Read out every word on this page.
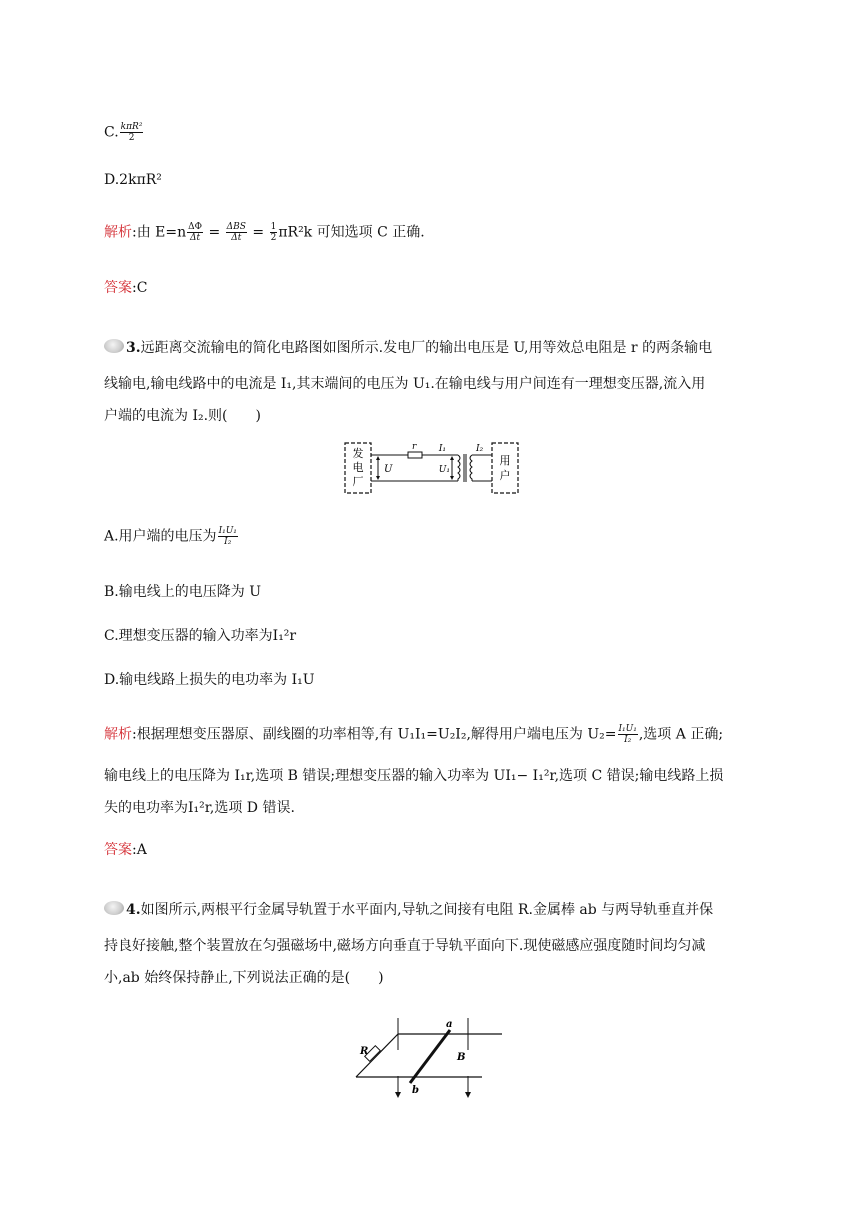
C. $\frac{\text{kπR²}}{2}$
D.2kπR²
解析:由 $E=n \frac{\Delta\Phi}{\Delta t} = \frac{\text{ΔBS}}{\Delta t} = \frac{1}{2} \pi R^2k$ 可知选项 C 正确.
答案:C
3.远距离交流输电的简化电路图如图所示.发电厂的输出电压是 U,用等效总电阻是 r 的两条输电
线输电,输电线路中的电流是 I₁,其末端间的电压为 U₁.在输电线与用户间连有一理想变压器,流入用
户端的电流为 I₂.则(　　)
发
电
厂
U
r	I₁
U₁
I₂
用
户
A.用户端的电压为 $\frac{\text{I₁U₁}}{\text{I₂}}$
B.输电线上的电压降为 U
C.理想变压器的输入功率为I₁²r
D.输电线路上损失的电功率为 I₁U
解析:根据理想变压器原、副线圈的功率相等,有 U₁I₁=U₂I₂,解得用户端电压为 $U_2= \frac{\text{I₁U₁}}{\text{I₂}}$ ,选项 A 正确;
输电线上的电压降为 I₁r,选项 B 错误;理想变压器的输入功率为 UI₁− I₁²r,选项 C 错误;输电线路上损
失的电功率为I₁²r,选项 D 错误.
答案:A
4.如图所示,两根平行金属导轨置于水平面内,导轨之间接有电阻 R.金属棒 ab 与两导轨垂直并保
持良好接触,整个装置放在匀强磁场中,磁场方向垂直于导轨平面向下.现使磁感应强度随时间均匀减
小,ab 始终保持静止,下列说法正确的是(　　)
R
a
b
B
